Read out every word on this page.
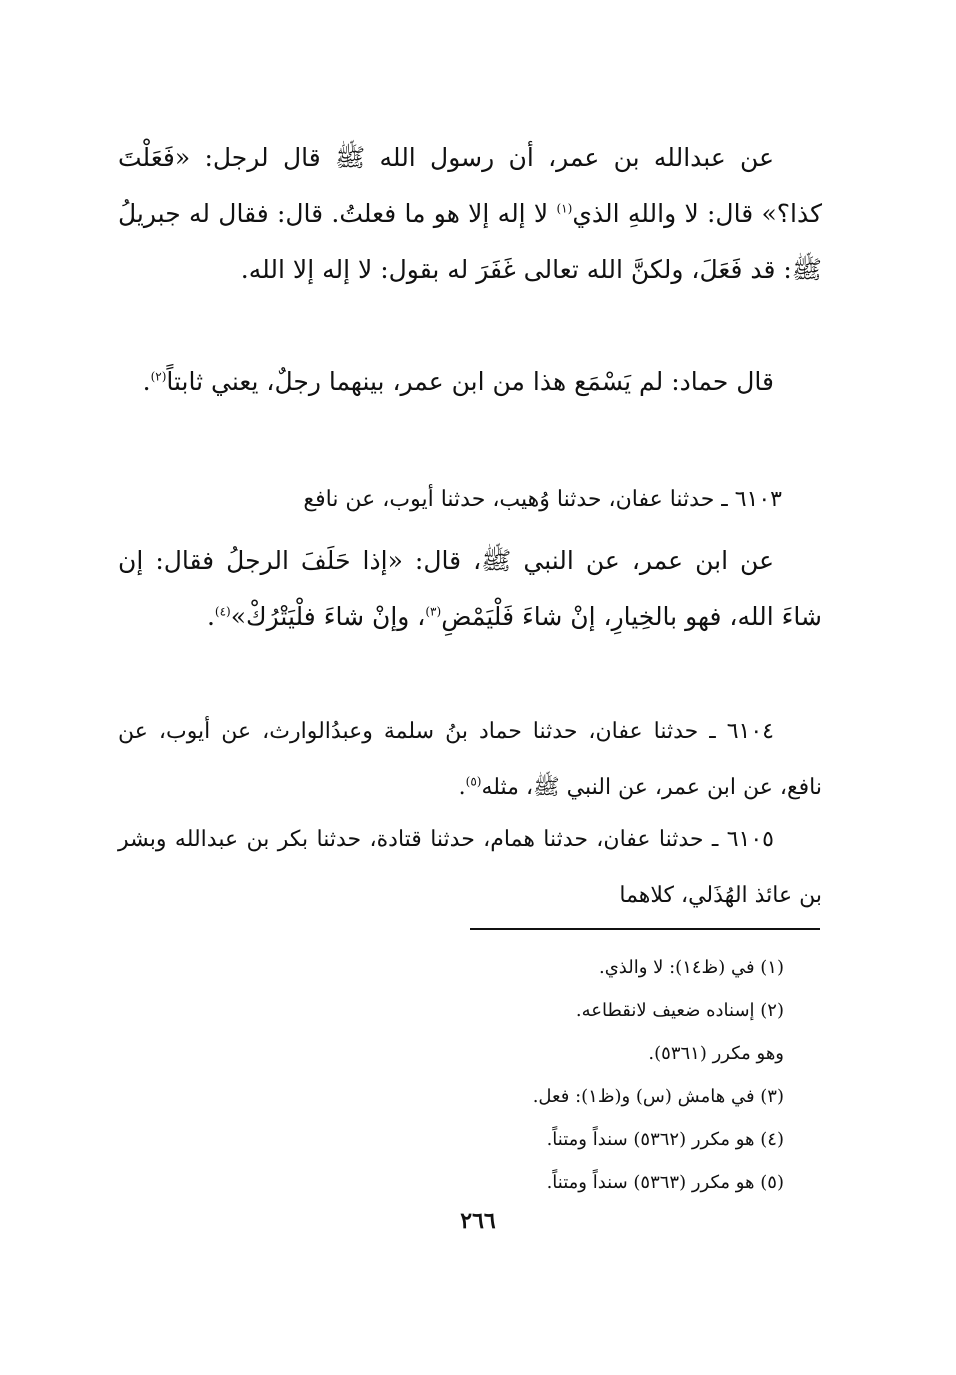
عن عبدالله بن عمر، أن رسول الله ﷺ قال لرجل: «فَعَلْتَ كذا؟» قال: لا واللهِ الذي$^{(١)}$ لا إله إلا هو ما فعلتُ. قال: فقال له جبريلُ ﷺ: قد فَعَلَ، ولكنَّ الله تعالى غَفَرَ له بقول: لا إله إلا الله.

قال حماد: لم يَسْمَع هذا من ابن عمر، بينهما رجلٌ، يعني ثابتاً$^{(٢)}$.

٦١٠٣ ـ حدثنا عفان، حدثنا وُهيب، حدثنا أيوب، عن نافع

عن ابن عمر، عن النبي ﷺ، قال: «إذا حَلَفَ الرجلُ فقال: إن شاءَ الله، فهو بالخِيارِ، إنْ شاءَ فَلْيَمْضِ$^{(٣)}$، وإنْ شاءَ فلْيَتْرُكْ»$^{(٤)}$.

٦١٠٤ ـ حدثنا عفان، حدثنا حماد بنُ سلمة وعبدُالوارث، عن أيوب، عن نافع، عن ابن عمر، عن النبي ﷺ، مثله$^{(٥)}$.

٦١٠٥ ـ حدثنا عفان، حدثنا همام، حدثنا قتادة، حدثنا بكر بن عبدالله وبشر بن عائذ الهُذَلي، كلاهما

(١) في (ظ١٤): لا والذي.
(٢) إسناده ضعيف لانقطاعه.
وهو مكرر (٥٣٦١).
(٣) في هامش (س) و(ظ١): فعل.
(٤) هو مكرر (٥٣٦٢) سنداً ومتناً.
(٥) هو مكرر (٥٣٦٣) سنداً ومتناً.
٢٦٦
